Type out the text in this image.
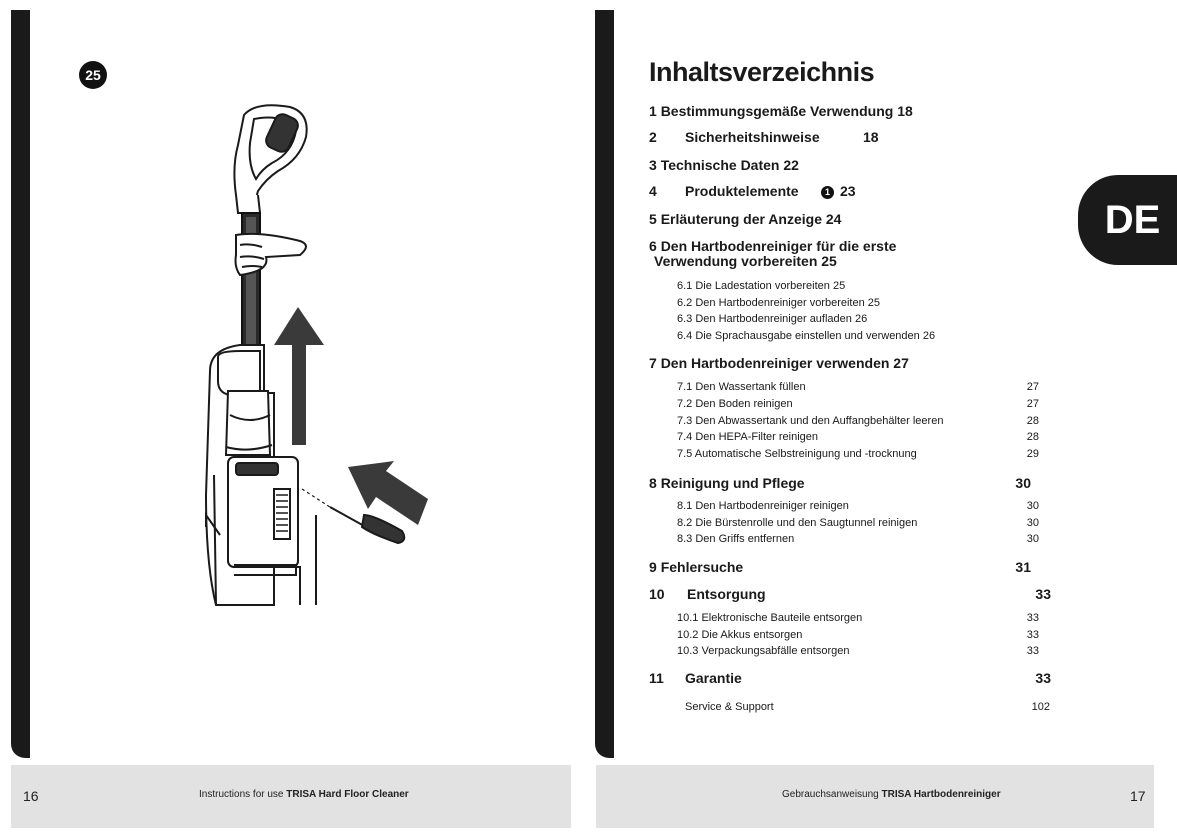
25
16	Instructions for use TRISA Hard Floor Cleaner
Inhaltsverzeichnis
1 Bestimmungsgemäße Verwendung 18
2 Sicherheitshinweise	18
3 Technische Daten 22
4 Produktelemente	1 23
5 Erläuterung der Anzeige 24
6 Den Hartbodenreiniger für die erste
Verwendung vorbereiten 25
6.1 Die Ladestation vorbereiten 25
6.2 Den Hartbodenreiniger vorbereiten 25
6.3 Den Hartbodenreiniger aufladen 26
6.4 Die Sprachausgabe einstellen und verwenden 26
7 Den Hartbodenreiniger verwenden 27
7.1 Den Wassertank füllen	27
7.2 Den Boden reinigen	27
7.3 Den Abwassertank und den Auffangbehälter leeren	28
7.4 Den HEPA-Filter reinigen	28
7.5 Automatische Selbstreinigung und -trocknung	29
8 Reinigung und Pflege	30
8.1 Den Hartbodenreiniger reinigen	30
8.2 Die Bürstenrolle und den Saugtunnel reinigen	30
8.3 Den Griffs entfernen	30
9 Fehlersuche	31
10 Entsorgung	33
10.1 Elektronische Bauteile entsorgen	33
10.2 Die Akkus entsorgen	33
10.3 Verpackungsabfälle entsorgen	33
11 Garantie	33
Service & Support	102
Gebrauchsanweisung TRISA Hartbodenreiniger	17
DE
